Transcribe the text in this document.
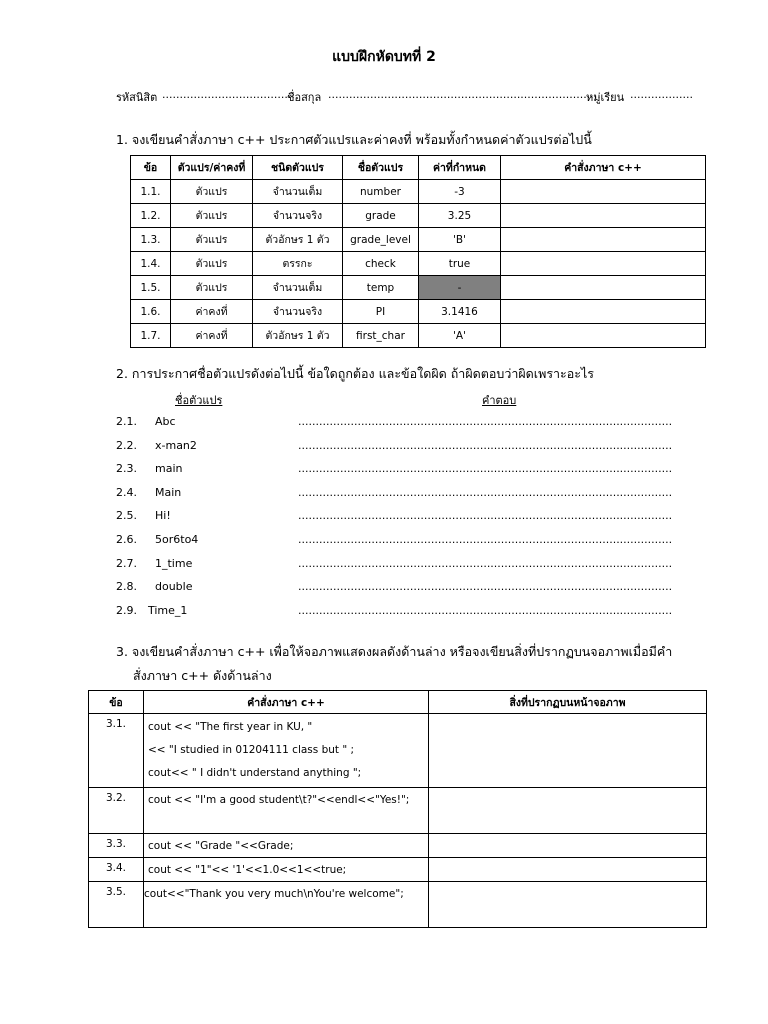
แบบฝึกหัดบทที่ 2
รหัสนิสิต ......................................
ชื่อสกุล ..............................................................................
หมู่เรียน ..................
1. จงเขียนคำสั่งภาษา c++ ประกาศตัวแปรและค่าคงที่ พร้อมทั้งกำหนดค่าตัวแปรต่อไปนี้
ข้อ	ตัวแปร/ค่าคงที่	ชนิดตัวแปร	ชื่อตัวแปร	ค่าที่กำหนด	คำสั่งภาษา c++
1.1.	ตัวแปร	จำนวนเต็ม	number	-3	
1.2.	ตัวแปร	จำนวนจริง	grade	3.25	
1.3.	ตัวแปร	ตัวอักษร 1 ตัว	grade_level	'B'	
1.4.	ตัวแปร	ตรรกะ	check	true	
1.5.	ตัวแปร	จำนวนเต็ม	temp	-	
1.6.	ค่าคงที่	จำนวนจริง	PI	3.1416	
1.7.	ค่าคงที่	ตัวอักษร 1 ตัว	first_char	'A'	
2. การประกาศชื่อตัวแปรดังต่อไปนี้ ข้อใดถูกต้อง และข้อใดผิด ถ้าผิดตอบว่าผิดเพราะอะไร
ชื่อตัวแปร	คำตอบ
2.1. Abc	...........................................................................................................
2.2. x-man2	...........................................................................................................
2.3. main	...........................................................................................................
2.4. Main	...........................................................................................................
2.5. Hi!	...........................................................................................................
2.6. 5or6to4	...........................................................................................................
2.7. 1_time	...........................................................................................................
2.8. double	...........................................................................................................
2.9. Time_1	...........................................................................................................
3. จงเขียนคำสั่งภาษา c++ เพื่อให้จอภาพแสดงผลดังด้านล่าง หรือจงเขียนสิ่งที่ปรากฏบนจอภาพเมื่อมีคำ
สั่งภาษา c++ ดังด้านล่าง
ข้อ	คำสั่งภาษา c++	สิ่งที่ปรากฏบนหน้าจอภาพ
3.1.	cout << "The first year in KU, "
<< "I studied in 01204111 class but " ;
cout<< " I didn't understand anything ";	

3.2.	cout << "I'm a good student\t?"<<endl<<"Yes!";	

3.3.	cout << "Grade "<<Grade;	

3.4.	cout << "1"<< '1'<<1.0<<1<<true;	

3.5.	cout<<"Thank you very much\nYou're welcome";	
